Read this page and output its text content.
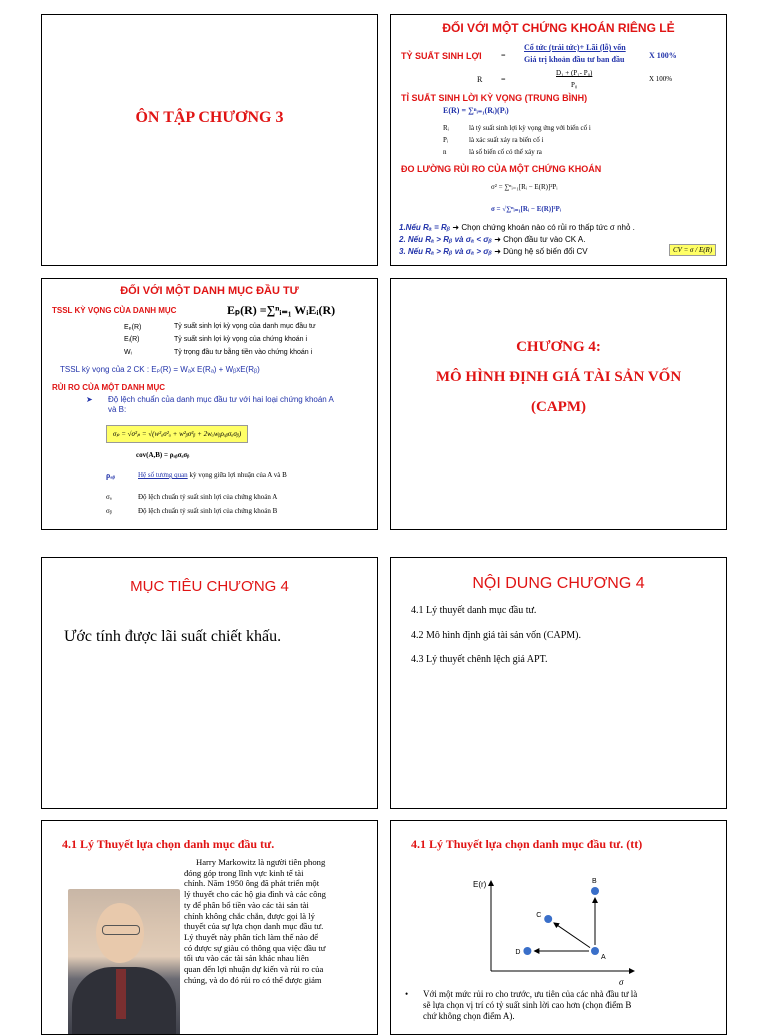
ÔN TẬP CHƯƠNG 3
ĐỐI VỚI MỘT CHỨNG KHOÁN RIÊNG LẺ
TỶ SUẤT SINH LỢI =
Cổ tức (trái tức)+ Lãi (lỗ) vốn
Giá trị khoản đầu tư ban đầu	X 100%
R =
D₁ + (P₁- P₀)
P₀
X 100%
TỈ SUẤT SINH LỜI KỲ VỌNG (TRUNG BÌNH)
E(R) = ∑ⁿᵢ₌₁(Rᵢ)(Pᵢ)
Rᵢ	là tỷ suất sinh lợi kỳ vọng ứng với biến cố i
Pᵢ	là xác suất xảy ra biến cố i
n	là số biến cố có thể xảy ra
ĐO LƯỜNG RỦI RO CỦA MỘT CHỨNG KHOÁN
σ² = ∑ⁿᵢ₌₁[Rᵢ − E(R)]²Pᵢ
σ = √∑ⁿᵢ₌₁[Rᵢ − E(R)]²Pᵢ
1.Nếu Rₐ = Rᵦ ➜ Chọn chứng khoán nào có rủi ro thấp tức σ nhỏ .
2. Nếu Rₐ > Rᵦ và σₐ < σᵦ ➜ Chọn đầu tư vào CK A.
3. Nếu Rₐ > Rᵦ và σₐ > σᵦ ➜ Dùng hệ số biến đổi CV	CV = σ / E(R)
ĐỐI VỚI MỘT DANH MỤC ĐẦU TƯ
TSSL KỲ VỌNG CỦA DANH MỤC	Eₚ(R) =∑ⁿᵢ₌₁ WᵢEᵢ(R)
Eₚ(R)	Tỷ suất sinh lợi kỳ vọng của danh mục đầu tư
Eᵢ(R)	Tỷ suất sinh lợi kỳ vọng của chứng khoán i
Wᵢ	Tỷ trọng đầu tư bằng tiền vào chứng khoán i
TSSL kỳ vọng của 2 CK : Eₚ(R) = Wₐx E(Rₐ) + WᵦxE(Rᵦ)
RỦI RO CỦA MỘT DANH MỤC
➤ Độ lệch chuẩn của danh mục đầu tư với hai loại chứng khoán A và B:
σₚ = √σ²ₚ = √(w²ₐσ²ₐ + w²ᵦσ²ᵦ + 2wₐwᵦρₐᵦσₐσᵦ)
cov(A,B) = ρₐᵦσₐσᵦ
ρₐᵦ	Hệ số tương quan kỳ vọng giữa lợi nhuận của A và B
σₐ	Độ lệch chuẩn tỷ suất sinh lợi của chứng khoán A
σᵦ	Độ lệch chuẩn tỷ suất sinh lợi của chứng khoán B
CHƯƠNG 4:
MÔ HÌNH ĐỊNH GIÁ TÀI SẢN VỐN
(CAPM)
MỤC TIÊU CHƯƠNG 4
Ước tính được lãi suất chiết khấu.
NỘI DUNG CHƯƠNG 4
4.1 Lý thuyết danh mục đầu tư.
4.2 Mô hình định giá tài sản vốn (CAPM).
4.3 Lý thuyết chênh lệch giá APT.
4.1 Lý Thuyết lựa chọn danh mục đầu tư.
Harry Markowitz là người tiên phong
đóng góp trong lĩnh vực kinh tế tài
chính. Năm 1950 ông đã phát triển một
lý thuyết cho các hộ gia đình và các công
ty để phân bổ tiền vào các tài sản tài
chính không chắc chắn, được gọi là lý
thuyết của sự lựa chọn danh mục đầu tư.
Lý thuyết này phân tích làm thế nào để
có được sự giàu có thông qua việc đầu tư
tối ưu vào các tài sản khác nhau liên
quan đến lợi nhuận dự kiến và rủi ro của
chúng, và do đó rủi ro có thể được giảm
4.1 Lý Thuyết lựa chọn danh mục đầu tư. (tt)
E(r)
σ
A
B
C
D
• Với một mức rủi ro cho trước, ưu tiên của các nhà đầu tư là
sẽ lựa chọn vị trí có tỷ suất sinh lời cao hơn (chọn điểm B
chứ không chọn điểm A).
